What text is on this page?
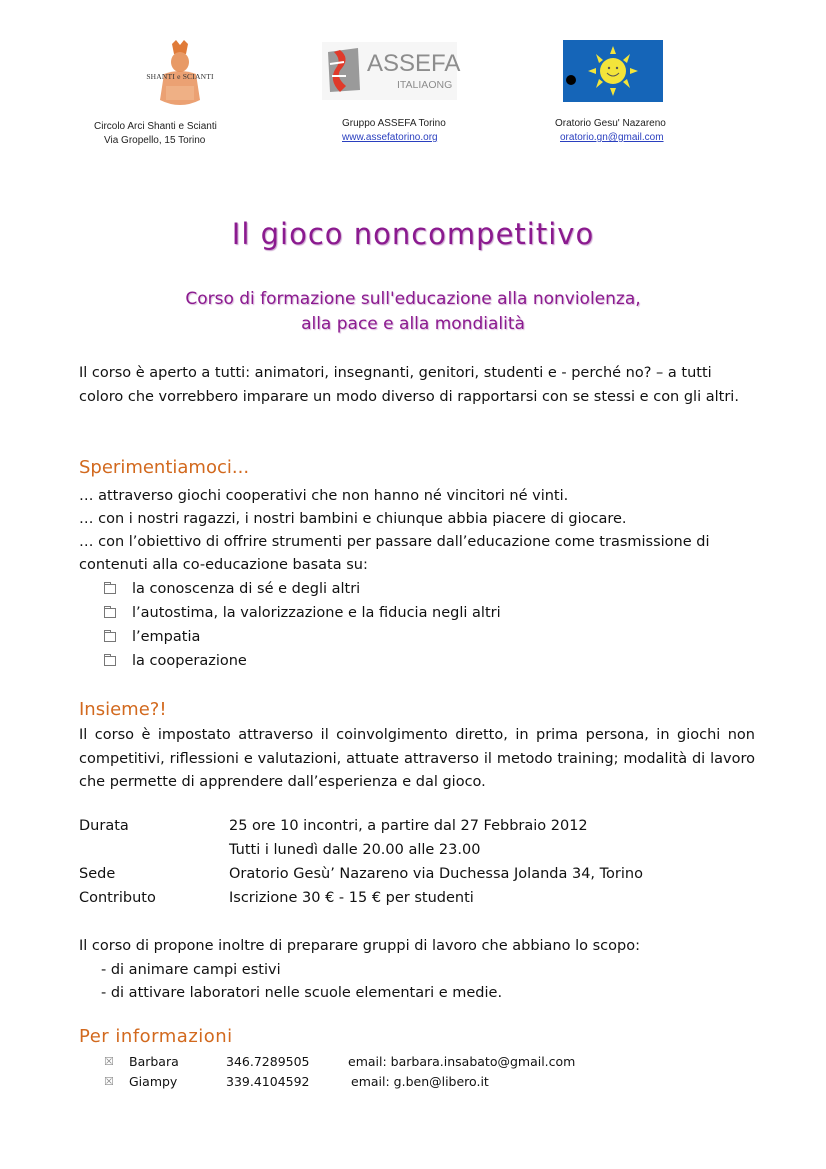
SHANTI e SCIANTI	ASSEFA
ITALIAONG
Circolo Arci Shanti e Scianti
Via Gropello, 15 Torino
Gruppo ASSEFA Torino
www.assefatorino.org
Oratorio Gesu' Nazareno
oratorio.gn@gmail.com
Il gioco noncompetitivo
Corso di formazione sull'educazione alla nonviolenza,
alla pace e alla mondialità
Il corso è aperto a tutti: animatori, insegnanti, genitori, studenti e - perché no? – a tutti coloro che vorrebbero imparare un modo diverso di rapportarsi con se stessi e con gli altri.
Sperimentiamoci...
… attraverso giochi cooperativi che non hanno né vincitori né vinti.
… con i nostri ragazzi, i nostri bambini e chiunque abbia piacere di giocare.
… con l’obiettivo di offrire strumenti per passare dall’educazione come trasmissione di contenuti alla co-educazione basata su:
la conoscenza di sé e degli altri
l’autostima, la valorizzazione e la fiducia negli altri
l’empatia
la cooperazione
Insieme?!
Il corso è impostato attraverso il coinvolgimento diretto, in prima persona, in giochi non competitivi, riflessioni e valutazioni, attuate attraverso il metodo training; modalità di lavoro che permette di apprendere dall’esperienza e dal gioco.
Durata	25 ore 10 incontri, a partire dal 27 Febbraio 2012
Tutti i lunedì dalle 20.00 alle 23.00
Sede	Oratorio Gesù’ Nazareno via Duchessa Jolanda 34, Torino
Contributo	Iscrizione 30 € - 15 € per studenti
Il corso di propone inoltre di preparare gruppi di lavoro che abbiano lo scopo:
- di animare campi estivi
- di attivare laboratori nelle scuole elementari e medie.
Per informazioni
☒	Barbara	346.7289505	email: barbara.insabato@gmail.com
☒	Giampy	339.4104592	email: g.ben@libero.it
